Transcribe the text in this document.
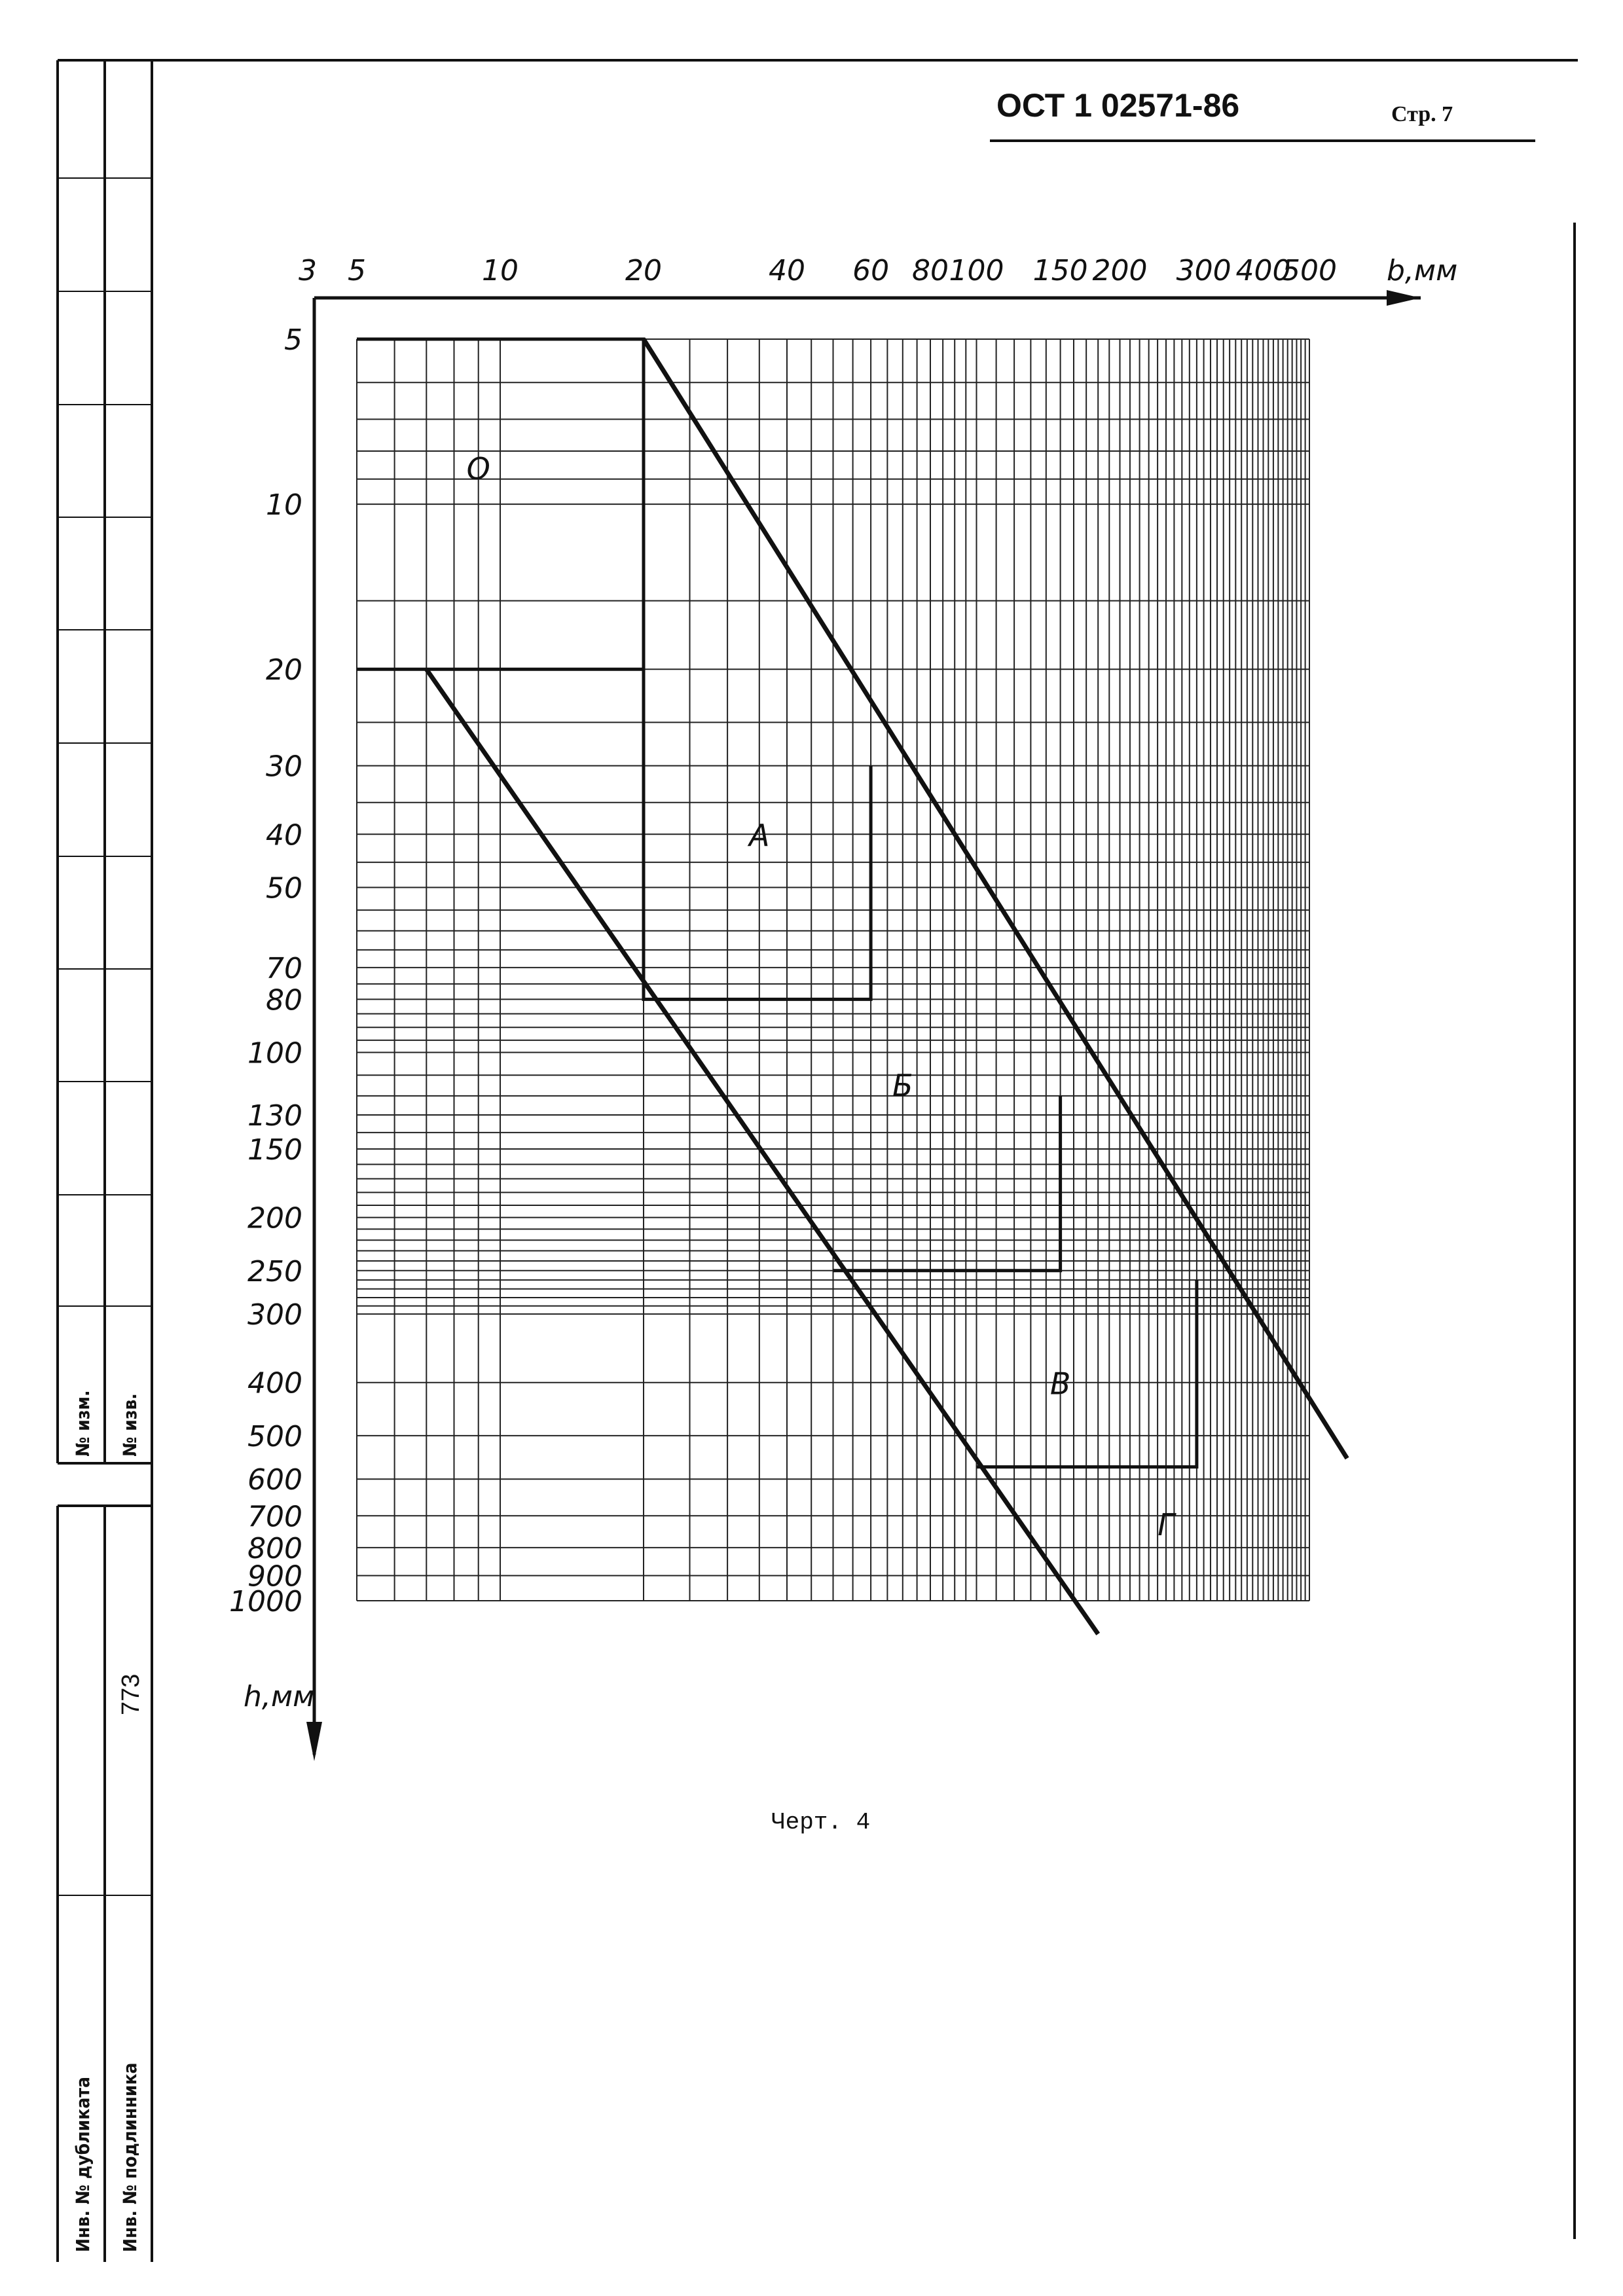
№ изм. № изв.
Инв. № дубликата Инв. № подлинника
773
ОСТ 1 02571-86	Стр. 7
3 5	10	20	40 60 80 100 150 200 300 400
500
5
10
20
30
40
50
70
80
100
130
150
200
250
300
400
500
600
700
800
900
1000
О
А
Б
В
Г
b,мм
h,мм
Черт. 4
